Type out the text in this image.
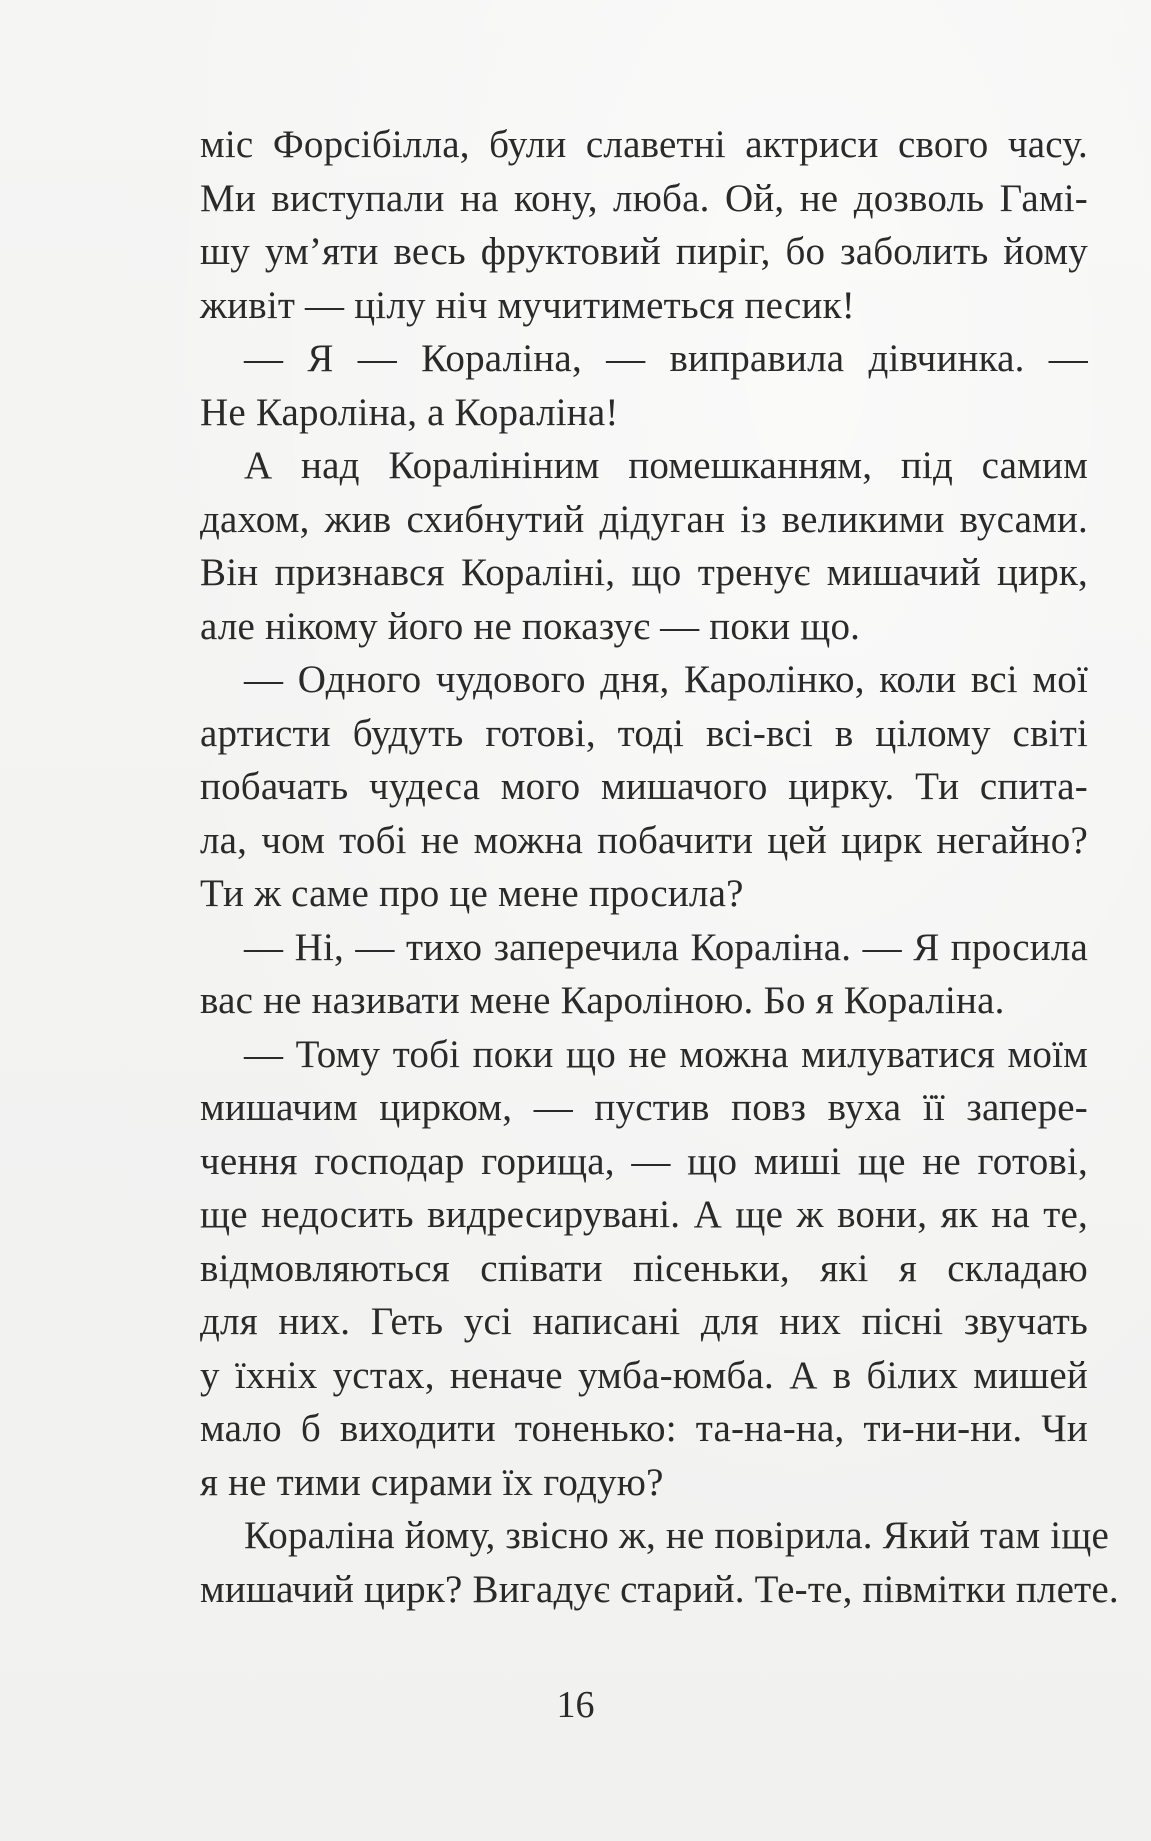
міс Форсібілла, були славетні актриси свого часу.
Ми виступали на кону, люба. Ой, не дозволь Гамі-
шу ум’яти весь фруктовий пиріг, бо заболить йому
живіт — цілу ніч мучитиметься песик!
— Я — Кораліна, — виправила дівчинка. —
Не Кароліна, а Кораліна!
А над Коралініним помешканням, під самим
дахом, жив схибнутий дідуган із великими вусами.
Він признався Кораліні, що тренує мишачий цирк,
але нікому його не показує — поки що.
— Одного чудового дня, Каролінко, коли всі мої
артисти будуть готові, тоді всі-всі в цілому світі
побачать чудеса мого мишачого цирку. Ти спита-
ла, чом тобі не можна побачити цей цирк негайно?
Ти ж саме про це мене просила?
— Ні, — тихо заперечила Кораліна. — Я просила
вас не називати мене Кароліною. Бо я Кораліна.
— Тому тобі поки що не можна милуватися моїм
мишачим цирком, — пустив повз вуха її запере-
чення господар горища, — що миші ще не готові,
ще недосить видресирувані. А ще ж вони, як на те,
відмовляються співати пісеньки, які я складаю
для них. Геть усі написані для них пісні звучать
у їхніх устах, неначе умба-юмба. А в білих мишей
мало б виходити тоненько: та-на-на, ти-ни-ни. Чи
я не тими сирами їх годую?
Кораліна йому, звісно ж, не повірила. Який там іще
мишачий цирк? Вигадує старий. Те-те, півмітки плете.
16
